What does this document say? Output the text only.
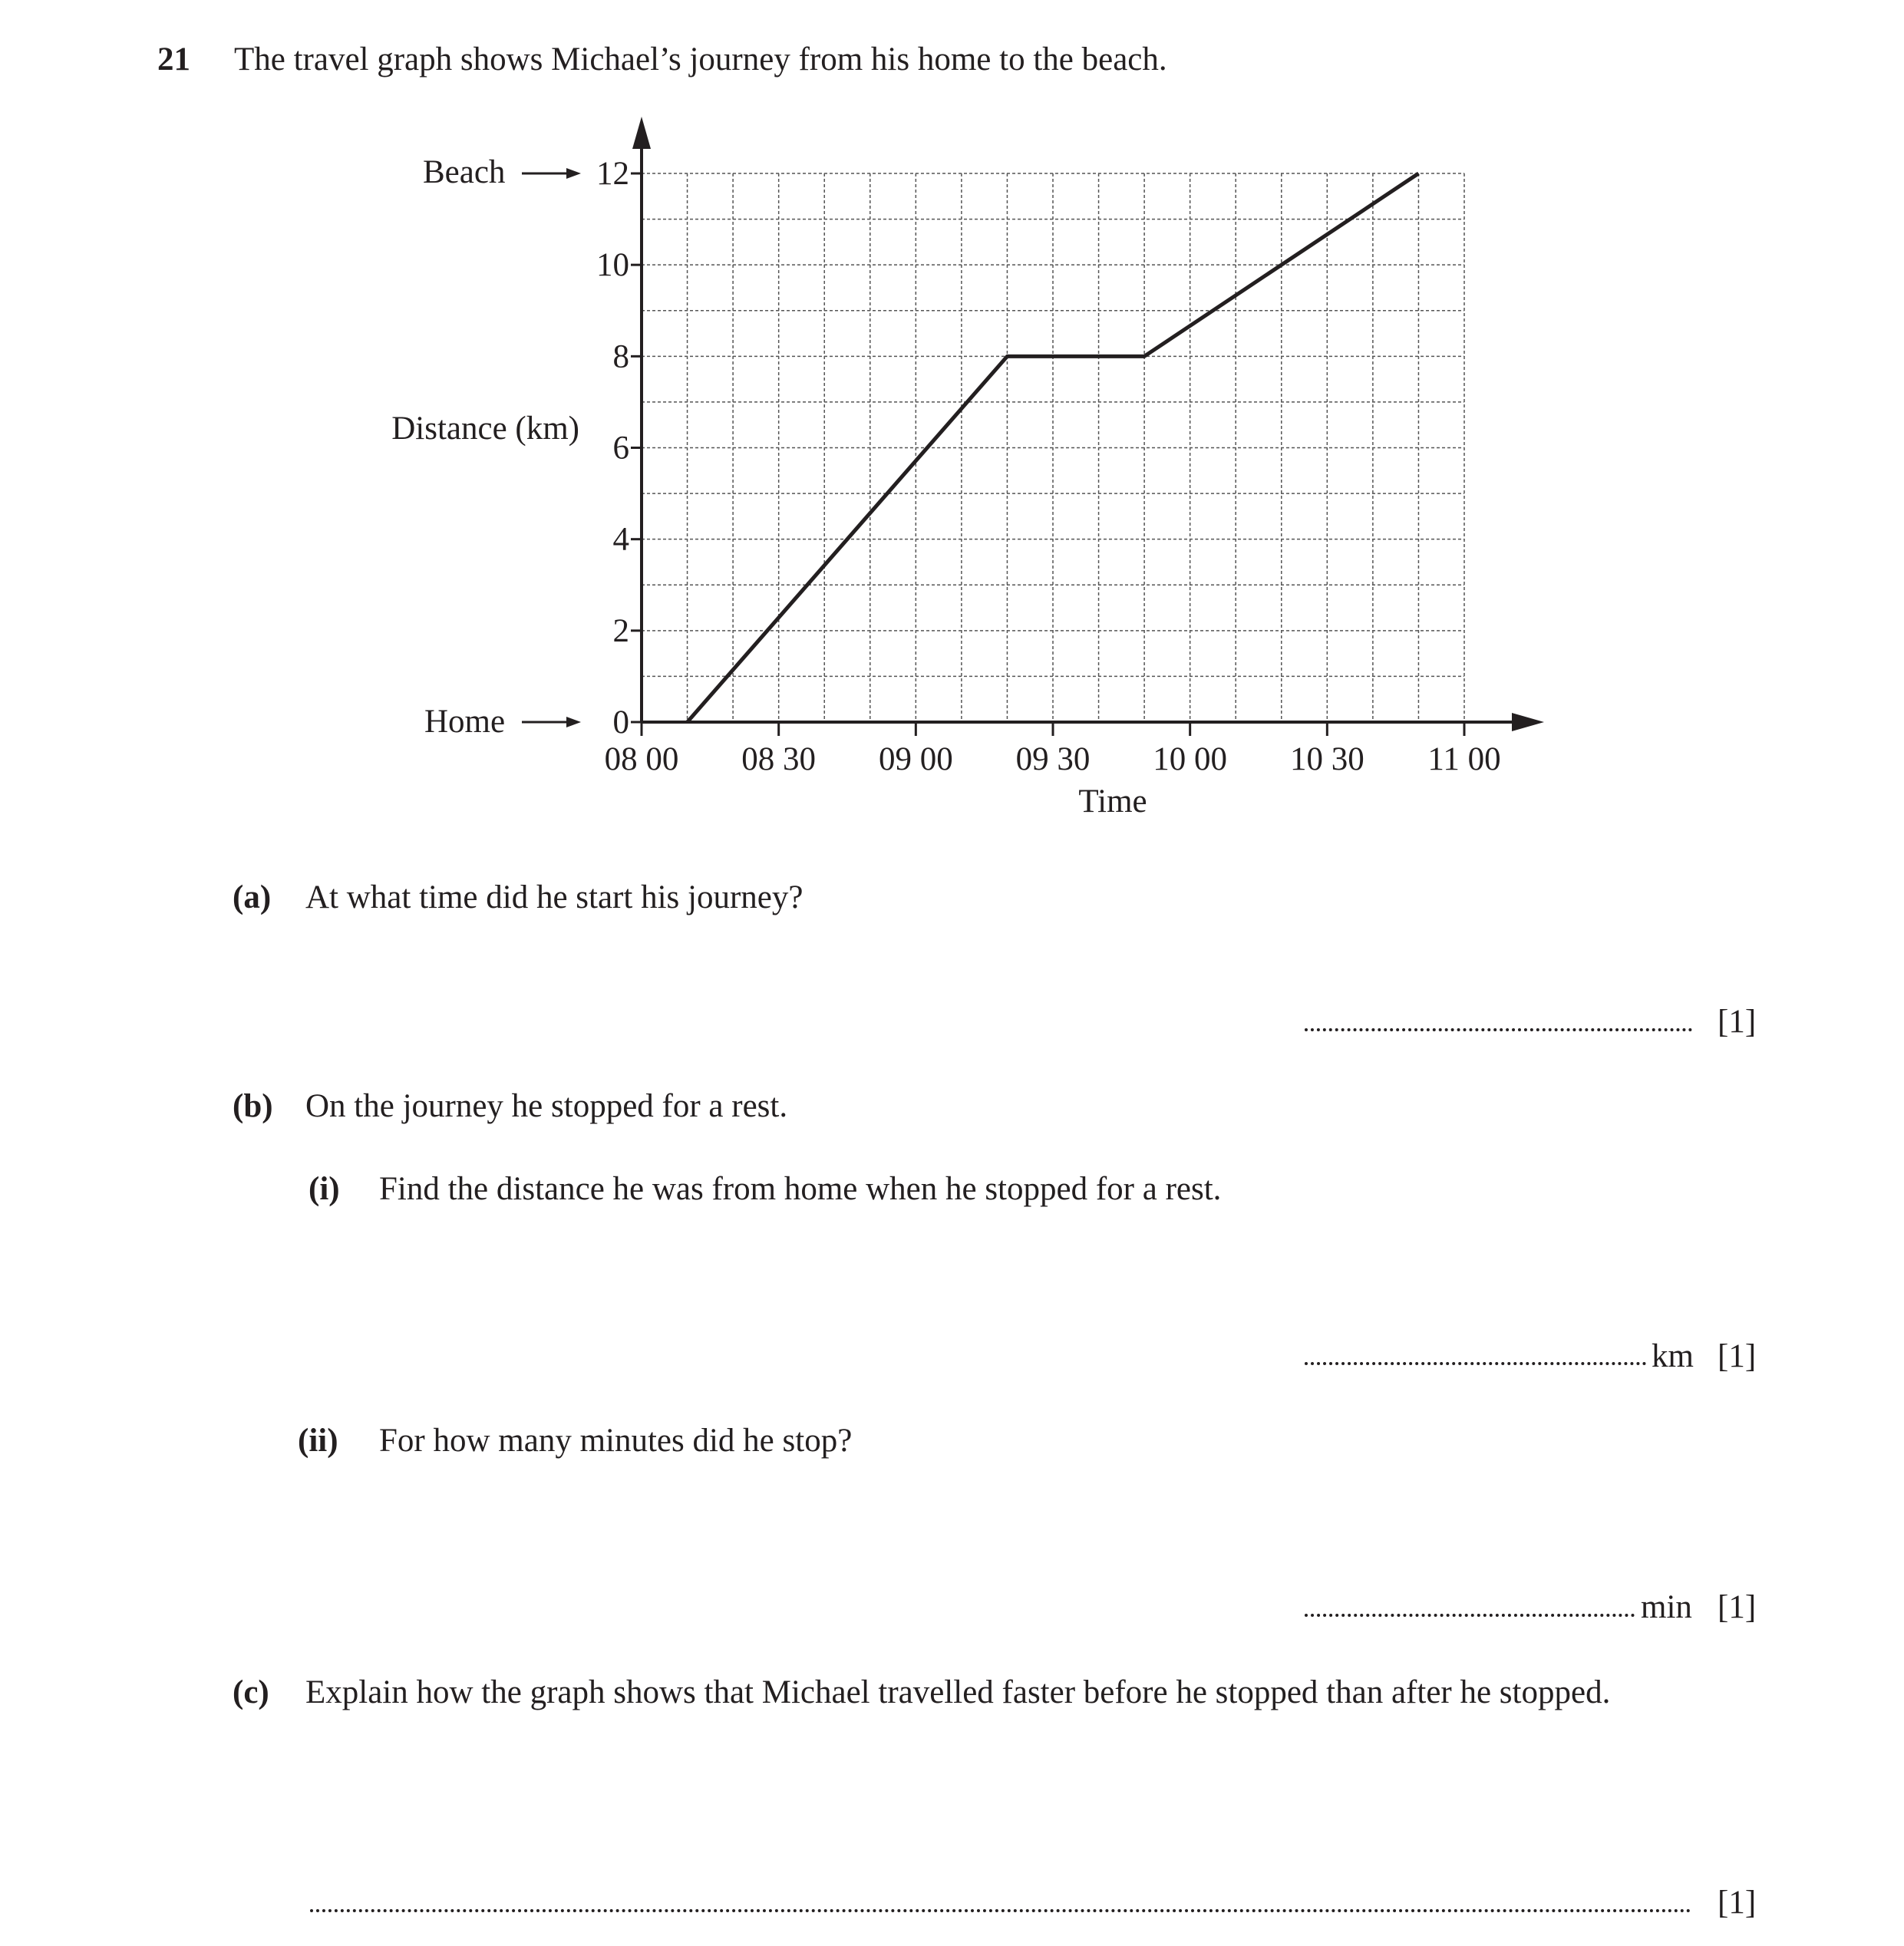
21 The travel graph shows Michael’s journey from his home to the beach.
0
2
4
6
8
10
12
08 00 08 30 09 00 09 30 10 00 10 30 11 00
Distance (km)
Time
Beach
Home
(a) At what time did he start his journey?
[1]
(b) On the journey he stopped for a rest.
(i) Find the distance he was from home when he stopped for a rest.
km [1]
(ii) For how many minutes did he stop?
min [1]
(c) Explain how the graph shows that Michael travelled faster before he stopped than after he stopped.
[1]
